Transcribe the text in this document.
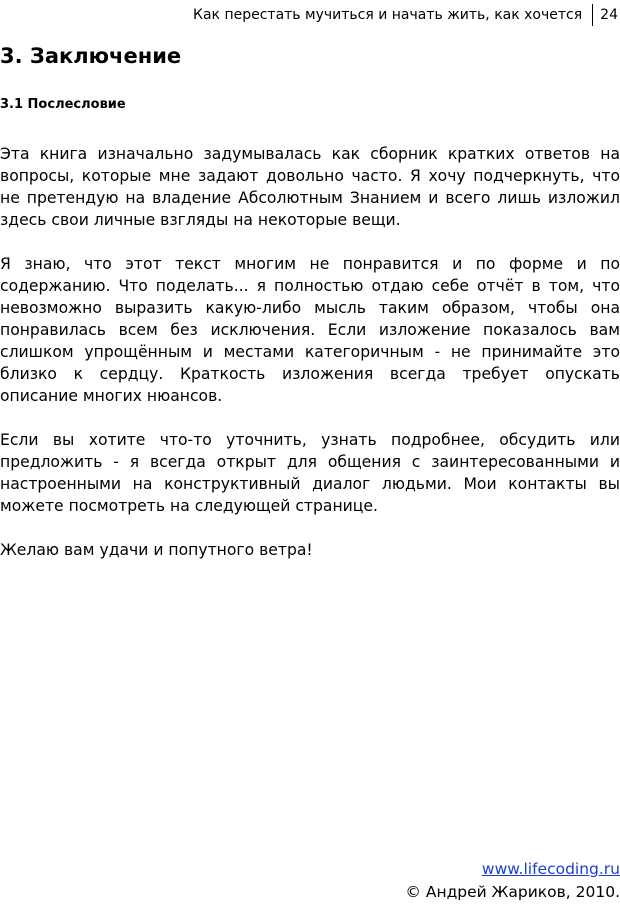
Как перестать мучиться и начать жить, как хочется	24
3. Заключение
3.1 Послесловие

Эта книга изначально задумывалась как сборник кратких ответов на вопросы, которые мне задают довольно часто. Я хочу подчеркнуть, что не претендую на владение Абсолютным Знанием и всего лишь изложил здесь свои личные взгляды на некоторые вещи.

Я знаю, что этот текст многим не понравится и по форме и по содержанию. Что поделать... я полностью отдаю себе отчёт в том, что невозможно выразить какую-либо мысль таким образом, чтобы она понравилась всем без исключения. Если изложение показалось вам слишком упрощённым и местами категоричным - не принимайте это близко к сердцу. Краткость изложения всегда требует опускать описание многих нюансов.

Если вы хотите что-то уточнить, узнать подробнее, обсудить или предложить - я всегда открыт для общения с заинтересованными и настроенными на конструктивный диалог людьми. Мои контакты вы можете посмотреть на следующей странице.

Желаю вам удачи и попутного ветра!

www.lifecoding.ru
© Андрей Жариков, 2010.
